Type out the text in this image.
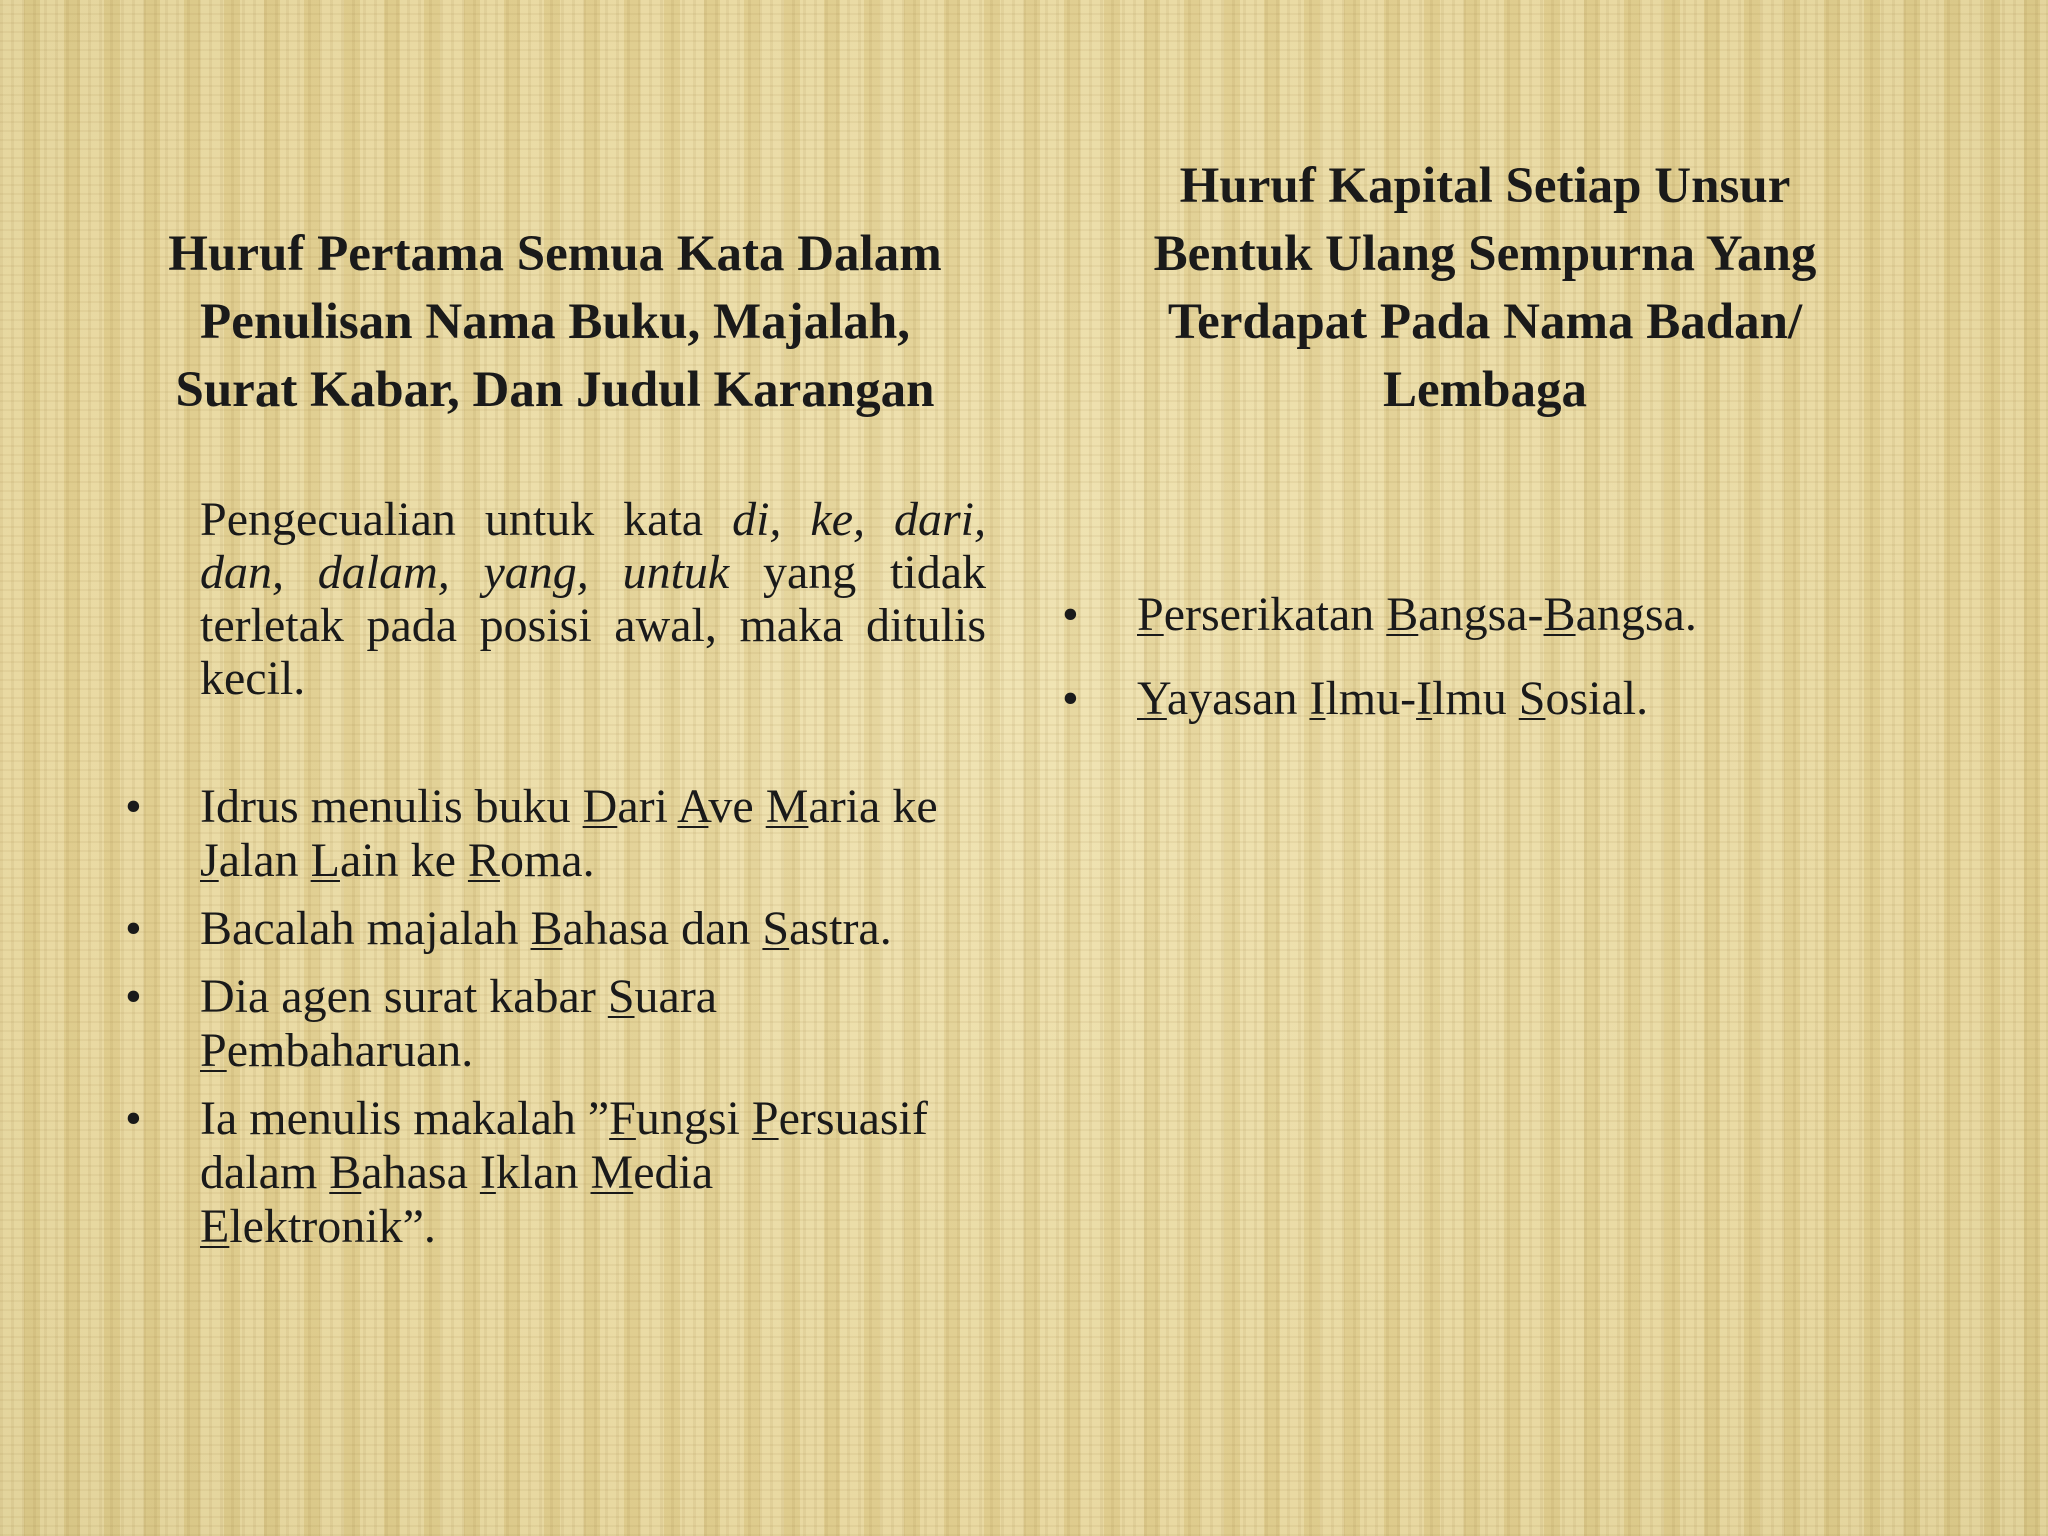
Huruf Pertama Semua Kata Dalam
Penulisan Nama Buku, Majalah,
Surat Kabar, Dan Judul Karangan
Huruf Kapital Setiap Unsur
Bentuk Ulang Sempurna Yang
Terdapat Pada Nama Badan/
Lembaga

Pengecualian untuk kata di, ke, dari, dan, dalam, yang, untuk yang tidak terletak pada posisi awal, maka ditulis kecil.

•	Idrus menulis buku Dari Ave Maria ke Jalan Lain ke Roma.
•	Bacalah majalah Bahasa dan Sastra.
•	Dia agen surat kabar Suara Pembaharuan.
•	Ia menulis makalah ”Fungsi Persuasif dalam Bahasa Iklan Media Elektronik”.
•	Perserikatan Bangsa-Bangsa.
•	Yayasan Ilmu-Ilmu Sosial.
